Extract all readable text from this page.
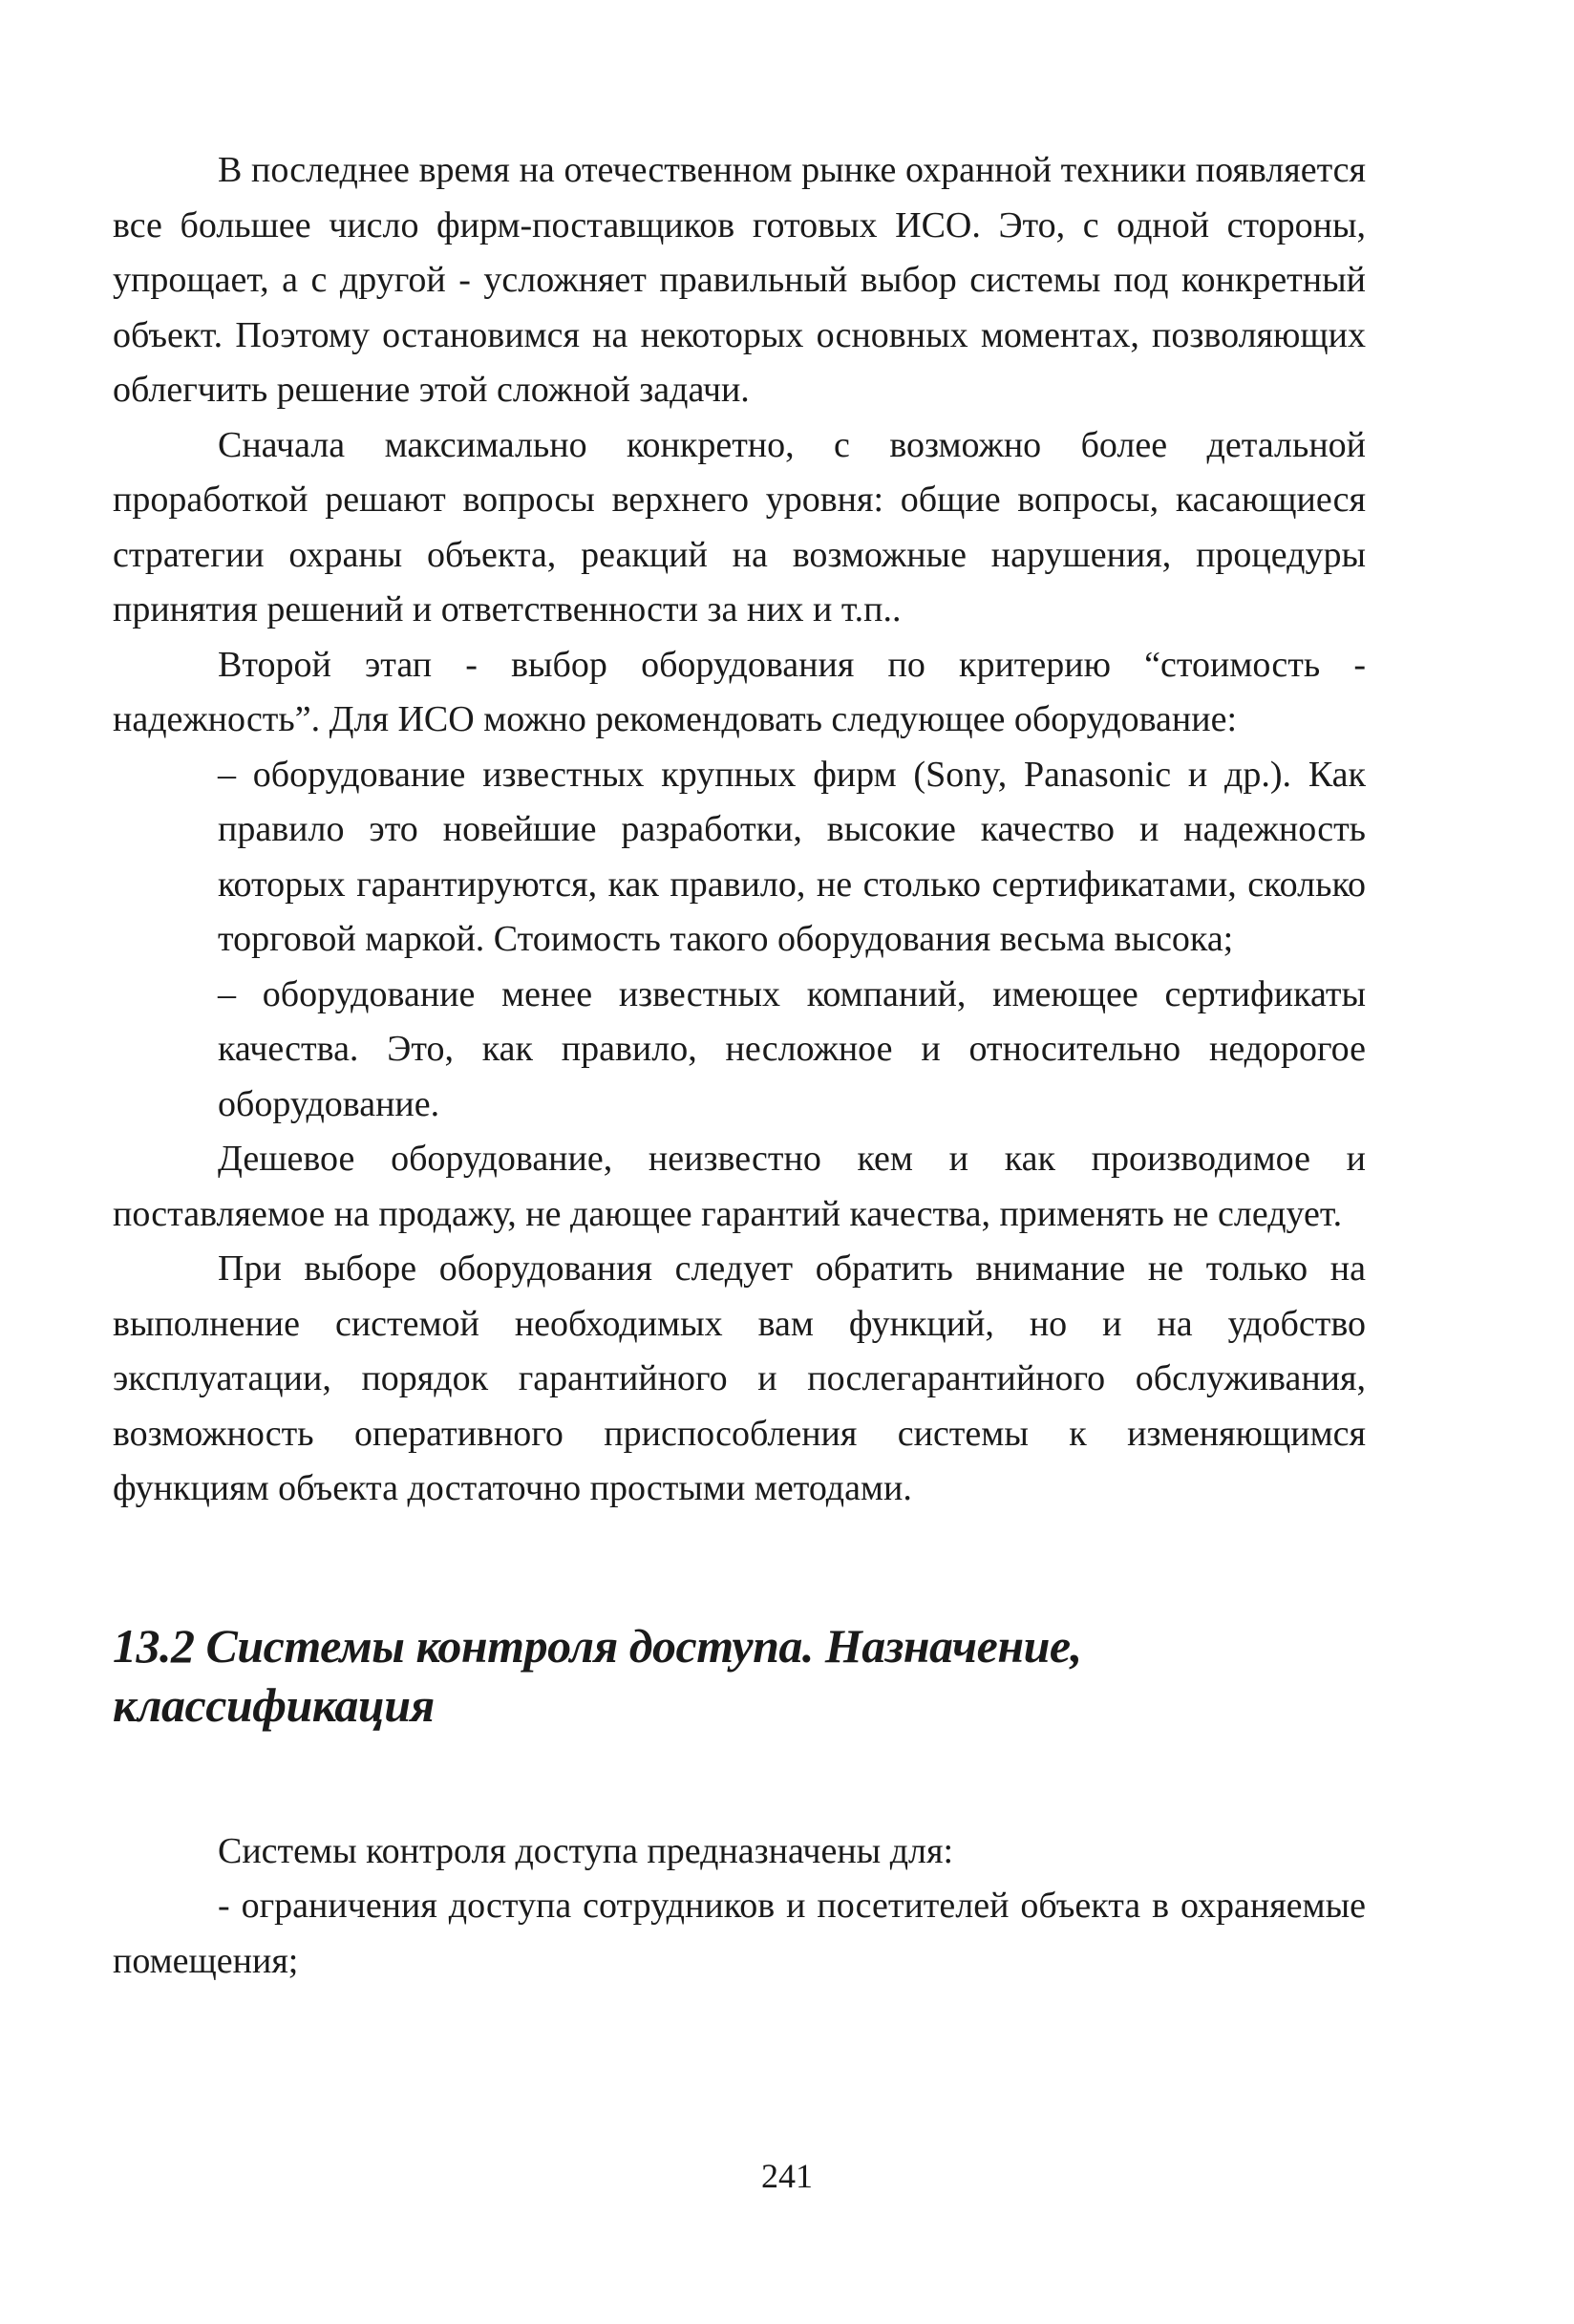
В последнее время на отечественном рынке охранной техники появляется все большее число фирм-поставщиков готовых ИСО. Это, с одной стороны, упрощает, а с другой - усложняет правильный выбор системы под конкретный объект. Поэтому остановимся на некоторых основных моментах, позволяющих облегчить решение этой сложной задачи.

Сначала максимально конкретно, с возможно более детальной проработкой решают вопросы верхнего уровня: общие вопросы, касающиеся стратегии охраны объекта, реакций на возможные нарушения, процедуры принятия решений и ответственности за них и т.п..

Второй этап - выбор оборудования по критерию “стоимость - надежность”. Для ИСО можно рекомендовать следующее оборудование:

– оборудование известных крупных фирм (Sony, Panasonic и др.). Как правило это новейшие разработки, высокие качество и надежность которых гарантируются, как правило, не столько сертификатами, сколько торговой маркой. Стоимость такого оборудования весьма высока;

– оборудование менее известных компаний, имеющее сертификаты качества. Это, как правило, несложное и относительно недорогое оборудование.

Дешевое оборудование, неизвестно кем и как производимое и поставляемое на продажу, не дающее гарантий качества, применять не следует.

При выборе оборудования следует обратить внимание не только на выполнение системой необходимых вам функций, но и на удобство эксплуатации, порядок гарантийного и послегарантийного обслуживания, возможность оперативного приспособления системы к изменяющимся функциям объекта достаточно простыми методами.

13.2 Системы контроля доступа. Назначение, классификация

Системы контроля доступа предназначены для:

- ограничения доступа сотрудников и посетителей объекта в охраняемые помещения;

241
